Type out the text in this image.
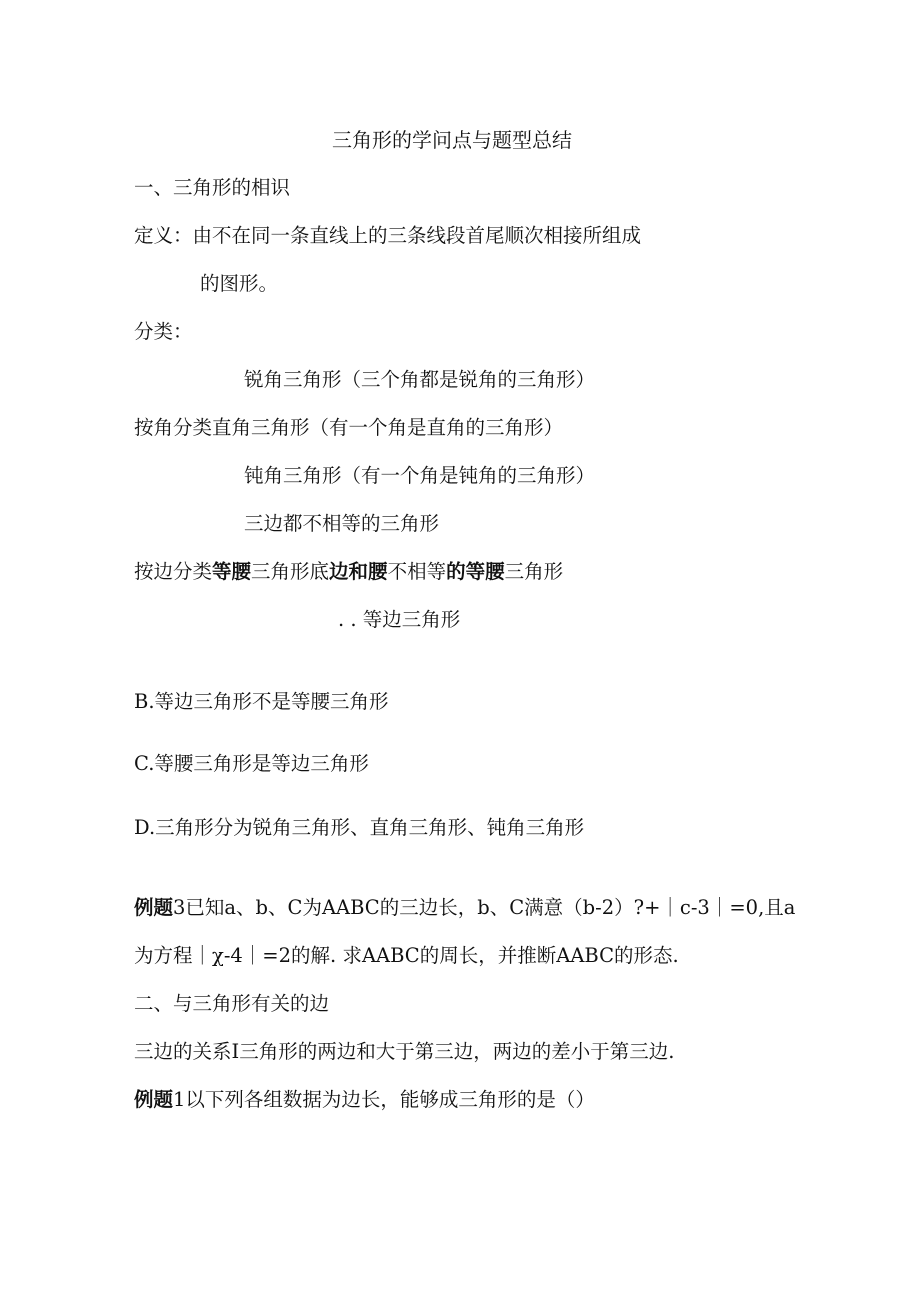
三角形的学问点与题型总结
一、三角形的相识
定义：由不在同一条直线上的三条线段首尾顺次相接所组成
的图形。
分类：
锐角三角形（三个角都是锐角的三角形）
按角分类直角三角形（有一个角是直角的三角形）
钝角三角形（有一个角是钝角的三角形）
三边都不相等的三角形
按边分类等腰三角形底边和腰不相等的等腰三角形
. . 等边三角形
B.等边三角形不是等腰三角形
C.等腰三角形是等边三角形
D.三角形分为锐角三角形、直角三角形、钝角三角形
例题3已知a、b、C为AABC的三边长，b、C满意（b-2）?+｜c-3｜=0,且a
为方程｜χ-4｜=2的解. 求AABC的周长，并推断AABC的形态.
二、与三角形有关的边
三边的关系I三角形的两边和大于第三边，两边的差小于第三边.
例题1以下列各组数据为边长，能够成三角形的是（）
